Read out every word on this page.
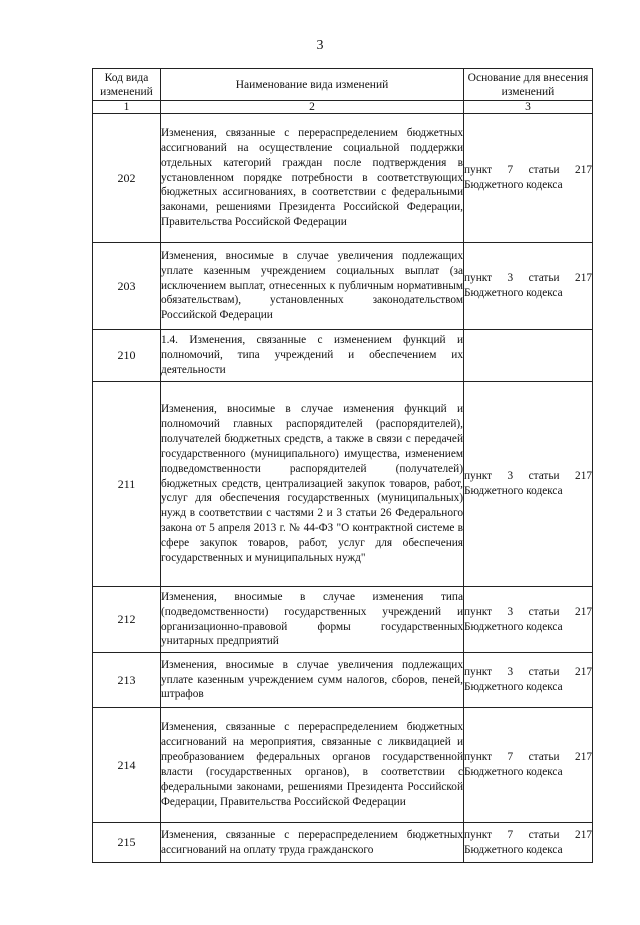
3
Код вида изменений	Наименование вида изменений	Основание для внесения изменений
1	2	3
202	Изменения, связанные с перераспределением бюджетных ассигнований на осуществление социальной поддержки отдельных категорий граждан после подтверждения в установленном порядке потребности в соответствующих бюджетных ассигнованиях, в соответствии с федеральными законами, решениями Президента Российской Федерации, Правительства Российской Федерации	пункт 7 статьи 217
Бюджетного кодекса

203	Изменения, вносимые в случае увеличения подлежащих уплате казенным учреждением социальных выплат (за исключением выплат, отнесенных к публичным нормативным обязательствам), установленных законодательством Российской Федерации	пункт 3 статьи 217
Бюджетного кодекса

210	1.4. Изменения, связанные с изменением функций и полномочий, типа учреждений и обеспечением их деятельности	

211	Изменения, вносимые в случае изменения функций и полномочий главных распорядителей (распорядителей), получателей бюджетных средств, а также в связи с передачей государственного (муниципального) имущества, изменением подведомственности распорядителей (получателей) бюджетных средств, централизацией закупок товаров, работ, услуг для обеспечения государственных (муниципальных) нужд в соответствии с частями 2 и 3 статьи 26 Федерального закона от 5 апреля 2013 г. № 44-ФЗ "О контрактной системе в сфере закупок товаров, работ, услуг для обеспечения государственных и муниципальных нужд"	пункт 3 статьи 217
Бюджетного кодекса

212	Изменения, вносимые в случае изменения типа (подведомственности) государственных учреждений и организационно-правовой формы государственных унитарных предприятий	пункт 3 статьи 217
Бюджетного кодекса

213	Изменения, вносимые в случае увеличения подлежащих уплате казенным учреждением сумм налогов, сборов, пеней, штрафов	пункт 3 статьи 217
Бюджетного кодекса

214	Изменения, связанные с перераспределением бюджетных ассигнований на мероприятия, связанные с ликвидацией и преобразованием федеральных органов государственной власти (государственных органов), в соответствии с федеральными законами, решениями Президента Российской Федерации, Правительства Российской Федерации	пункт 7 статьи 217
Бюджетного кодекса

215	Изменения, связанные с перераспределением бюджетных ассигнований на оплату труда гражданского	пункт 7 статьи 217
Бюджетного кодекса
